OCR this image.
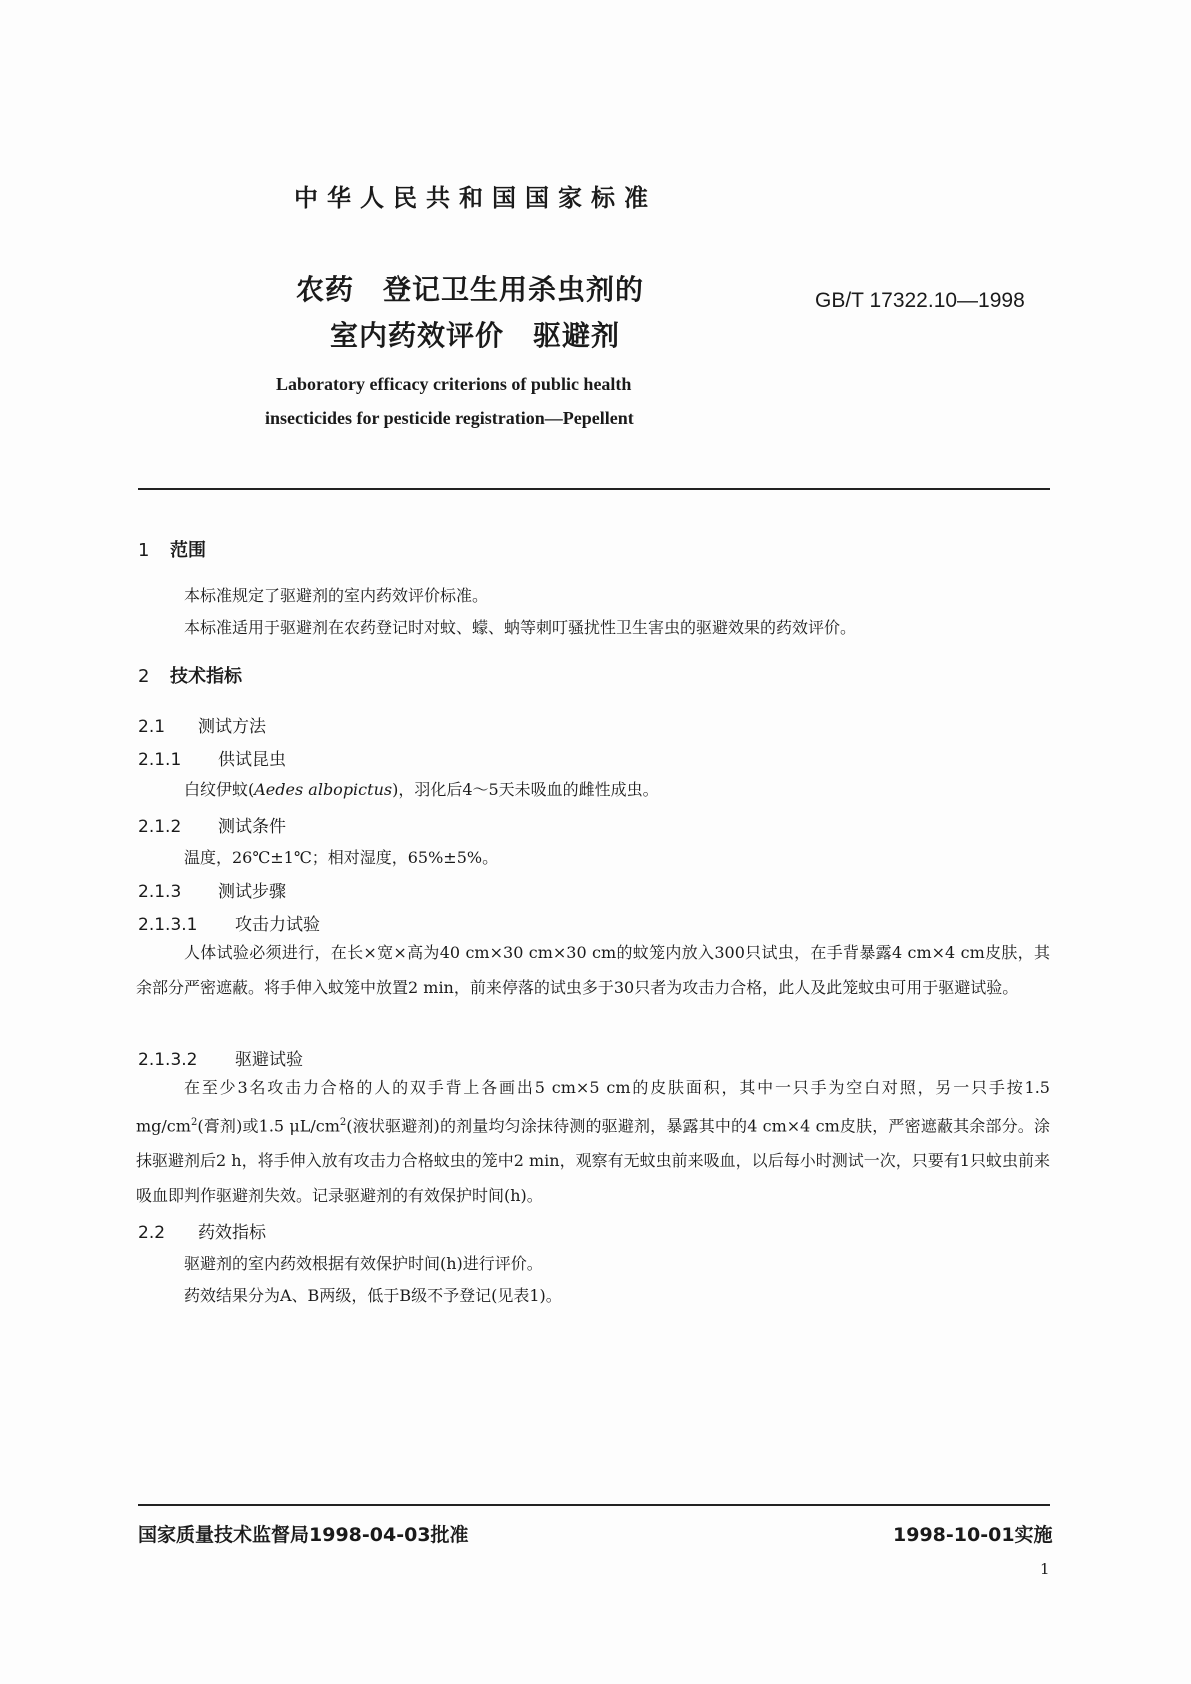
中华人民共和国国家标准
农药　登记卫生用杀虫剂的
室内药效评价　驱避剂
GB/T 17322.10—1998
Laboratory efficacy criterions of public health
insecticides for pesticide registration—Pepellent
1 范围
本标准规定了驱避剂的室内药效评价标准。
本标准适用于驱避剂在农药登记时对蚊、蠓、蚋等刺叮骚扰性卫生害虫的驱避效果的药效评价。
2 技术指标
2.1 测试方法
2.1.1 供试昆虫
白纹伊蚊(Aedes albopictus)，羽化后4～5天未吸血的雌性成虫。
2.1.2 测试条件
温度，26℃±1℃；相对湿度，65%±5%。
2.1.3 测试步骤
2.1.3.1 攻击力试验
人体试验必须进行，在长×宽×高为40 cm×30 cm×30 cm的蚊笼内放入300只试虫，在手背暴露4 cm×4 cm皮肤，其余部分严密遮蔽。将手伸入蚊笼中放置2 min，前来停落的试虫多于30只者为攻击力合格，此人及此笼蚊虫可用于驱避试验。
2.1.3.2 驱避试验
在至少3名攻击力合格的人的双手背上各画出5 cm×5 cm的皮肤面积，其中一只手为空白对照，另一只手按1.5 $mg/cm^2$(膏剂)或1.5 $\mu L/cm^2$(液状驱避剂)的剂量均匀涂抹待测的驱避剂，暴露其中的4 cm×4 cm皮肤，严密遮蔽其余部分。涂抹驱避剂后2 h，将手伸入放有攻击力合格蚊虫的笼中2 min，观察有无蚊虫前来吸血，以后每小时测试一次，只要有1只蚊虫前来吸血即判作驱避剂失效。记录驱避剂的有效保护时间(h)。
2.2 药效指标
驱避剂的室内药效根据有效保护时间(h)进行评价。
药效结果分为A、B两级，低于B级不予登记(见表1)。
国家质量技术监督局1998-04-03批准	1998-10-01实施
1
